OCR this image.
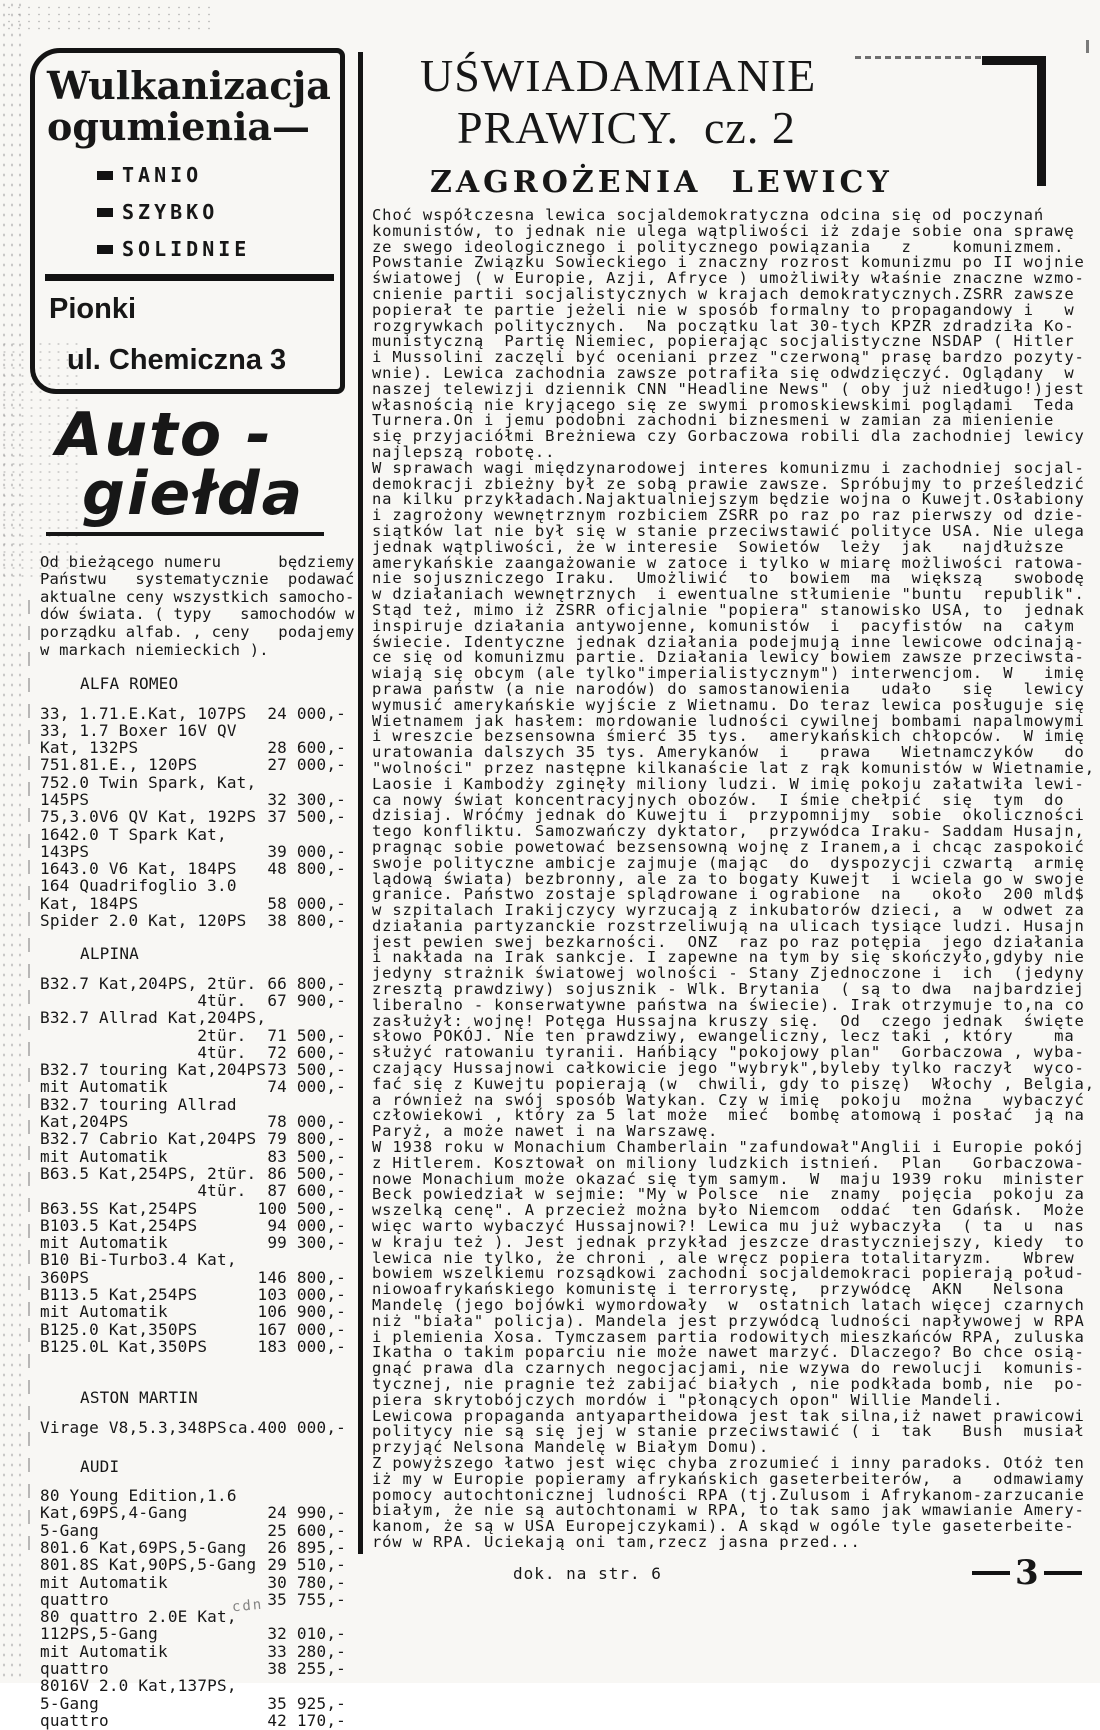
Wulkanizacja
ogumienia—
TANIO
SZYBKO
SOLIDNIE
Pionki
ul. Chemiczna 3
Auto -
giełda
Od bieżącego numeru      będziemy
Państwu   systematycznie  podawać
aktualne ceny wszystkich samocho-
dów świata. ( typy   samochodów w
porządku alfab. , ceny   podajemy
w markach niemieckich ).
ALFA ROMEO
33, 1.71.E.Kat, 107PS 24 000,-
33, 1.7 Boxer 16V QV
Kat, 132PS	28 600,-
751.81.E., 120PS	27 000,-
752.0 Twin Spark, Kat,
145PS	32 300,-
75,3.0V6 QV Kat, 192PS 37 500,-
1642.0 T Spark Kat,
143PS	39 000,-
1643.0 V6 Kat, 184PS 48 800,-
164 Quadrifoglio 3.0
Kat, 184PS	58 000,-
Spider 2.0 Kat, 120PS 38 800,-
ALPINA
B32.7 Kat,204PS, 2tür. 66 800,-
4tür. 67 900,-
B32.7 Allrad Kat,204PS,
2tür. 71 500,-
4tür. 72 600,-
B32.7 touring Kat,204PS 73 500,-
mit Automatik	74 000,-
B32.7 touring Allrad
Kat,204PS	78 000,-
B32.7 Cabrio Kat,204PS 79 800,-
mit Automatik	83 500,-
B63.5 Kat,254PS, 2tür. 86 500,-
4tür. 87 600,-
B63.5S Kat,254PS	100 500,-
B103.5 Kat,254PS	94 000,-
mit Automatik	99 300,-
B10 Bi-Turbo3.4 Kat,
360PS	146 800,-
B113.5 Kat,254PS	103 000,-
mit Automatik	106 900,-
B125.0 Kat,350PS	167 000,-
B125.0L Kat,350PS	183 000,-
ASTON MARTIN
Virage V8,5.3,348PS ca.400 000,-
AUDI
80 Young Edition,1.6
Kat,69PS,4-Gang	24 990,-
5-Gang	25 600,-
801.6 Kat,69PS,5-Gang 26 895,-
801.8S Kat,90PS,5-Gang 29 510,-
mit Automatik	30 780,-
quattro	35 755,-
80 quattro 2.0E Kat,
112PS,5-Gang	32 010,-
mit Automatik	33 280,-
quattro	38 255,-
8016V 2.0 Kat,137PS,
5-Gang	35 925,-
quattro	42 170,-
cdn
UŚWIADAMIANIE
PRAWICY.  cz. 2
ZAGROŻENIA LEWICY
Choć współczesna lewica socjaldemokratyczna odcina się od poczynań
komunistów, to jednak nie ulega wątpliwości iż zdaje sobie ona sprawę
ze swego ideologicznego i politycznego powiązania   z    komunizmem.
Powstanie Związku Sowieckiego i znaczny rozrost komunizmu po II wojnie
światowej ( w Europie, Azji, Afryce ) umożliwiły właśnie znaczne wzmo-
cnienie partii socjalistycznych w krajach demokratycznych.ZSRR zawsze
popierał te partie jeżeli nie w sposób formalny to propagandowy i   w
rozgrywkach politycznych.  Na początku lat 30-tych KPZR zdradziła Ko-
munistyczną  Partię Niemiec, popierając socjalistyczne NSDAP ( Hitler
i Mussolini zaczęli być oceniani przez "czerwoną" prasę bardzo pozyty-
wnie). Lewica zachodnia zawsze potrafiła się odwdzięczyć. Oglądany  w
naszej telewizji dziennik CNN "Headline News" ( oby już niedługo!)jest
własnością nie kryjącego się ze swymi promoskiewskimi poglądami  Teda
Turnera.On i jemu podobni zachodni biznesmeni w zamian za mienienie
się przyjaciółmi Breżniewa czy Gorbaczowa robili dla zachodniej lewicy
najlepszą robotę..
W sprawach wagi międzynarodowej interes komunizmu i zachodniej socjal-
demokracji zbieżny był ze sobą prawie zawsze. Spróbujmy to prześledzić
na kilku przykładach.Najaktualniejszym będzie wojna o Kuwejt.Osłabiony
i zagrożony wewnętrznym rozbiciem ZSRR po raz po raz pierwszy od dzie-
siątków lat nie był się w stanie przeciwstawić polityce USA. Nie ulega
jednak wątpliwości, że w interesie  Sowietów  leży  jak   najdłuższe
amerykańskie zaangażowanie w zatoce i tylko w miarę możliwości ratowa-
nie sojuszniczego Iraku.  Umożliwić  to  bowiem  ma  większą   swobodę
w działaniach wewnętrznych  i ewentualne stłumienie "buntu  republik".
Stąd też, mimo iż ZSRR oficjalnie "popiera" stanowisko USA, to  jednak
inspiruje działania antywojenne, komunistów  i  pacyfistów  na  całym
świecie. Identyczne jednak działania podejmują inne lewicowe odcinają-
ce się od komunizmu partie. Działania lewicy bowiem zawsze przeciwsta-
wiają się obcym (ale tylko"imperialistycznym") interwencjom.  W   imię
prawa państw (a nie narodów) do samostanowienia   udało   się   lewicy
wymusić amerykańskie wyjście z Wietnamu. Do teraz lewica posługuje się
Wietnamem jak hasłem: mordowanie ludności cywilnej bombami napalmowymi
i wreszcie bezsensowna śmierć 35 tys.  amerykańskich chłopców.  W imię
uratowania dalszych 35 tys. Amerykanów  i   prawa   Wietnamczyków   do
"wolności" przez następne kilkanaście lat z rąk komunistów w Wietnamie,
Laosie i Kambodży zginęły miliony ludzi. W imię pokoju załatwiła lewi-
ca nowy świat koncentracyjnych obozów.  I śmie chełpić  się  tym  do
dzisiaj. Wróćmy jednak do Kuwejtu i  przypomnijmy  sobie  okoliczności
tego konfliktu. Samozwańczy dyktator,  przywódca Iraku- Saddam Husajn,
pragnąc sobie powetować bezsensowną wojnę z Iranem,a i chcąc zaspokoić
swoje polityczne ambicje zajmuje (mając  do  dyspozycji czwartą  armię
lądową świata) bezbronny, ale za to bogaty Kuwejt  i wciela go w swoje
granice. Państwo zostaje splądrowane i ograbione  na   około  200 mld$
w szpitalach Irakijczycy wyrzucają z inkubatorów dzieci, a  w odwet za
działania partyzanckie rozstrzeliwują na ulicach tysiące ludzi. Husajn
jest pewien swej bezkarności.  ONZ  raz po raz potępia  jego działania
i nakłada na Irak sankcje. I zapewne na tym by się skończyło,gdyby nie
jedyny strażnik światowej wolności - Stany Zjednoczone i  ich  (jedyny
zresztą prawdziwy) sojusznik - Wlk. Brytania  ( są to dwa  najbardziej
liberalno - konserwatywne państwa na świecie). Irak otrzymuje to,na co
zasłużył: wojnę! Potęga Hussajna kruszy się.  Od  czego jednak  święte
słowo POKÓJ. Nie ten prawdziwy, ewangeliczny, lecz taki , który    ma
służyć ratowaniu tyranii. Hańbiący "pokojowy plan"  Gorbaczowa , wyba-
czający Hussajnowi całkowicie jego "wybryk",byleby tylko raczył  wyco-
fać się z Kuwejtu popierają (w  chwili, gdy to piszę)  Włochy , Belgia,
a również na swój sposób Watykan. Czy w imię  pokoju  można   wybaczyć
człowiekowi , który za 5 lat może  mieć  bombę atomową i posłać  ją na
Paryż, a może nawet i na Warszawę.
W 1938 roku w Monachium Chamberlain "zafundował"Anglii i Europie pokój
z Hitlerem. Kosztował on miliony ludzkich istnień.  Plan   Gorbaczowa-
nowe Monachium może okazać się tym samym.  W  maju 1939 roku  minister
Beck powiedział w sejmie: "My w Polsce  nie  znamy  pojęcia  pokoju za
wszelką cenę". A przecież można było Niemcom  oddać  ten Gdańsk.  Może
więc warto wybaczyć Hussajnowi?! Lewica mu już wybaczyła  ( ta  u  nas
w kraju też ). Jest jednak przykład jeszcze drastyczniejszy, kiedy  to
lewica nie tylko, że chroni , ale wręcz popiera totalitaryzm.   Wbrew
bowiem wszelkiemu rozsądkowi zachodni socjaldemokraci popierają połud-
niowoafrykańskiego komunistę i terrorystę,  przywódcę  AKN   Nelsona
Mandelę (jego bojówki wymordowały  w  ostatnich latach więcej czarnych
niż "biała" policja). Mandela jest przywódcą ludności napływowej w RPA
i plemienia Xosa. Tymczasem partia rodowitych mieszkańców RPA, zuluska
Ikatha o takim poparciu nie może nawet marzyć. Dlaczego? Bo chce osią-
gnąć prawa dla czarnych negocjacjami, nie wzywa do rewolucji  komunis-
tycznej, nie pragnie też zabijać białych , nie podkłada bomb, nie  po-
piera skrytobójczych mordów i "płonących opon" Willie Mandeli.
Lewicowa propaganda antyapartheidowa jest tak silna,iż nawet prawicowi
politycy nie są się jej w stanie przeciwstawić ( i  tak   Bush  musiał
przyjąć Nelsona Mandelę w Białym Domu).
Z powyższego łatwo jest więc chyba zrozumieć i inny paradoks. Otóż ten
iż my w Europie popieramy afrykańskich gaseterbeiterów,  a   odmawiamy
pomocy autochtonicznej ludności RPA (tj.Zulusom i Afrykanom-zarzucanie
białym, że nie są autochtonami w RPA, to tak samo jak wmawianie Amery-
kanom, że są w USA Europejczykami). A skąd w ogóle tyle gaseterbeite-
rów w RPA. Uciekają oni tam,rzecz jasna przed...
dok. na str. 6	3
